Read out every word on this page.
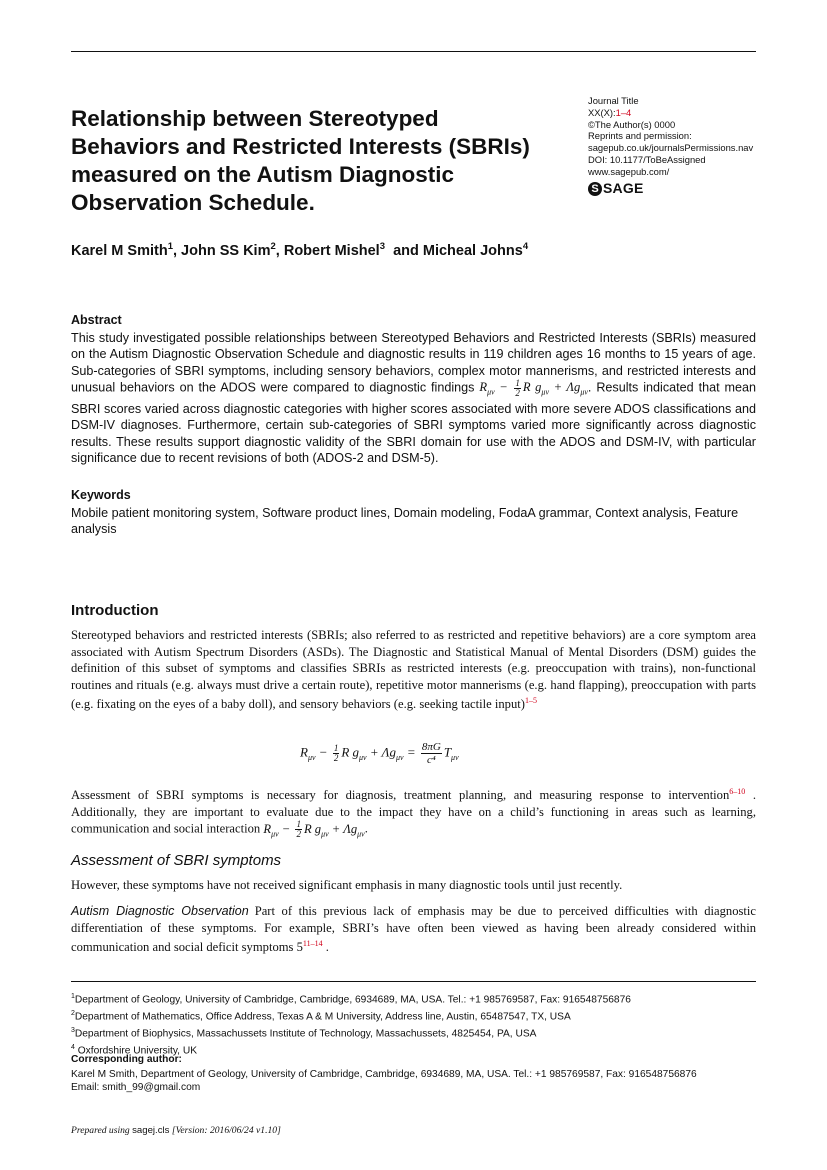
Relationship between Stereotyped Behaviors and Restricted Interests (SBRIs) measured on the Autism Diagnostic Observation Schedule.
Journal Title
XX(X):1–4
©The Author(s) 0000
Reprints and permission:
sagepub.co.uk/journalsPermissions.nav
DOI: 10.1177/ToBeAssigned
www.sagepub.com/
S SAGE
Karel M Smith$^1$, John SS Kim$^2$, Robert Mishel$^3$  and Micheal Johns$^4$
Abstract
This study investigated possible relationships between Stereotyped Behaviors and Restricted Interests (SBRIs) measured on the Autism Diagnostic Observation Schedule and diagnostic results in 119 children ages 16 months to 15 years of age. Sub-categories of SBRI symptoms, including sensory behaviors, complex motor mannerisms, and restricted interests and unusual behaviors on the ADOS were compared to diagnostic findings $R_{\mu\nu} - \frac{1}{2}$ R $g_{\mu\nu} + \Lambda g_{\mu\nu}$. Results indicated that mean SBRI scores varied across diagnostic categories with higher scores associated with more severe ADOS classifications and DSM-IV diagnoses. Furthermore, certain sub-categories of SBRI symptoms varied more significantly across diagnostic results. These results support diagnostic validity of the SBRI domain for use with the ADOS and DSM-IV, with particular significance due to recent revisions of both (ADOS-2 and DSM-5).
Keywords
Mobile patient monitoring system, Software product lines, Domain modeling, FodaA grammar, Context analysis, Feature analysis
Introduction
Stereotyped behaviors and restricted interests (SBRIs; also referred to as restricted and repetitive behaviors) are a core symptom area associated with Autism Spectrum Disorders (ASDs). The Diagnostic and Statistical Manual of Mental Disorders (DSM) guides the definition of this subset of symptoms and classifies SBRIs as restricted interests (e.g. preoccupation with trains), non-functional routines and rituals (e.g. always must drive a certain route), repetitive motor mannerisms (e.g. hand flapping), preoccupation with parts (e.g. fixating on the eyes of a baby doll), and sensory behaviors (e.g. seeking tactile input)$^{1-5}$
$R_{\mu\nu} - \frac{1}{2}$ R $g_{\mu\nu} + \Lambda g_{\mu\nu} = \frac{8\pi G}{\text{c⁴}} T_{\mu\nu}$
Assessment of SBRI symptoms is necessary for diagnosis, treatment planning, and measuring response to intervention$^{6-10}$ . Additionally, they are important to evaluate due to the impact they have on a child’s functioning in areas such as learning, communication and social interaction $R_{\mu\nu} - \frac{1}{2}$ R $g_{\mu\nu} + \Lambda g_{\mu\nu}$.
Assessment of SBRI symptoms
However, these symptoms have not received significant emphasis in many diagnostic tools until just recently.
Autism Diagnostic Observation Part of this previous lack of emphasis may be due to perceived difficulties with diagnostic differentiation of these symptoms. For example, SBRI’s have often been viewed as having been already considered within communication and social deficit symptoms 5$^{11-14}$ .
$^1$Department of Geology, University of Cambridge, Cambridge, 6934689, MA, USA. Tel.: +1 985769587, Fax: 916548756876
$^2$Department of Mathematics, Office Address, Texas A & M University, Address line, Austin, 65487547, TX, USA
$^3$Department of Biophysics, Massachussets Institute of Technology, Massachussets, 4825454, PA, USA
$^4$ Oxfordshire University, UK
Corresponding author:
Karel M Smith, Department of Geology, University of Cambridge, Cambridge, 6934689, MA, USA. Tel.: +1 985769587, Fax: 916548756876
Email: smith_99@gmail.com
Prepared using sagej.cls [Version: 2016/06/24 v1.10]
